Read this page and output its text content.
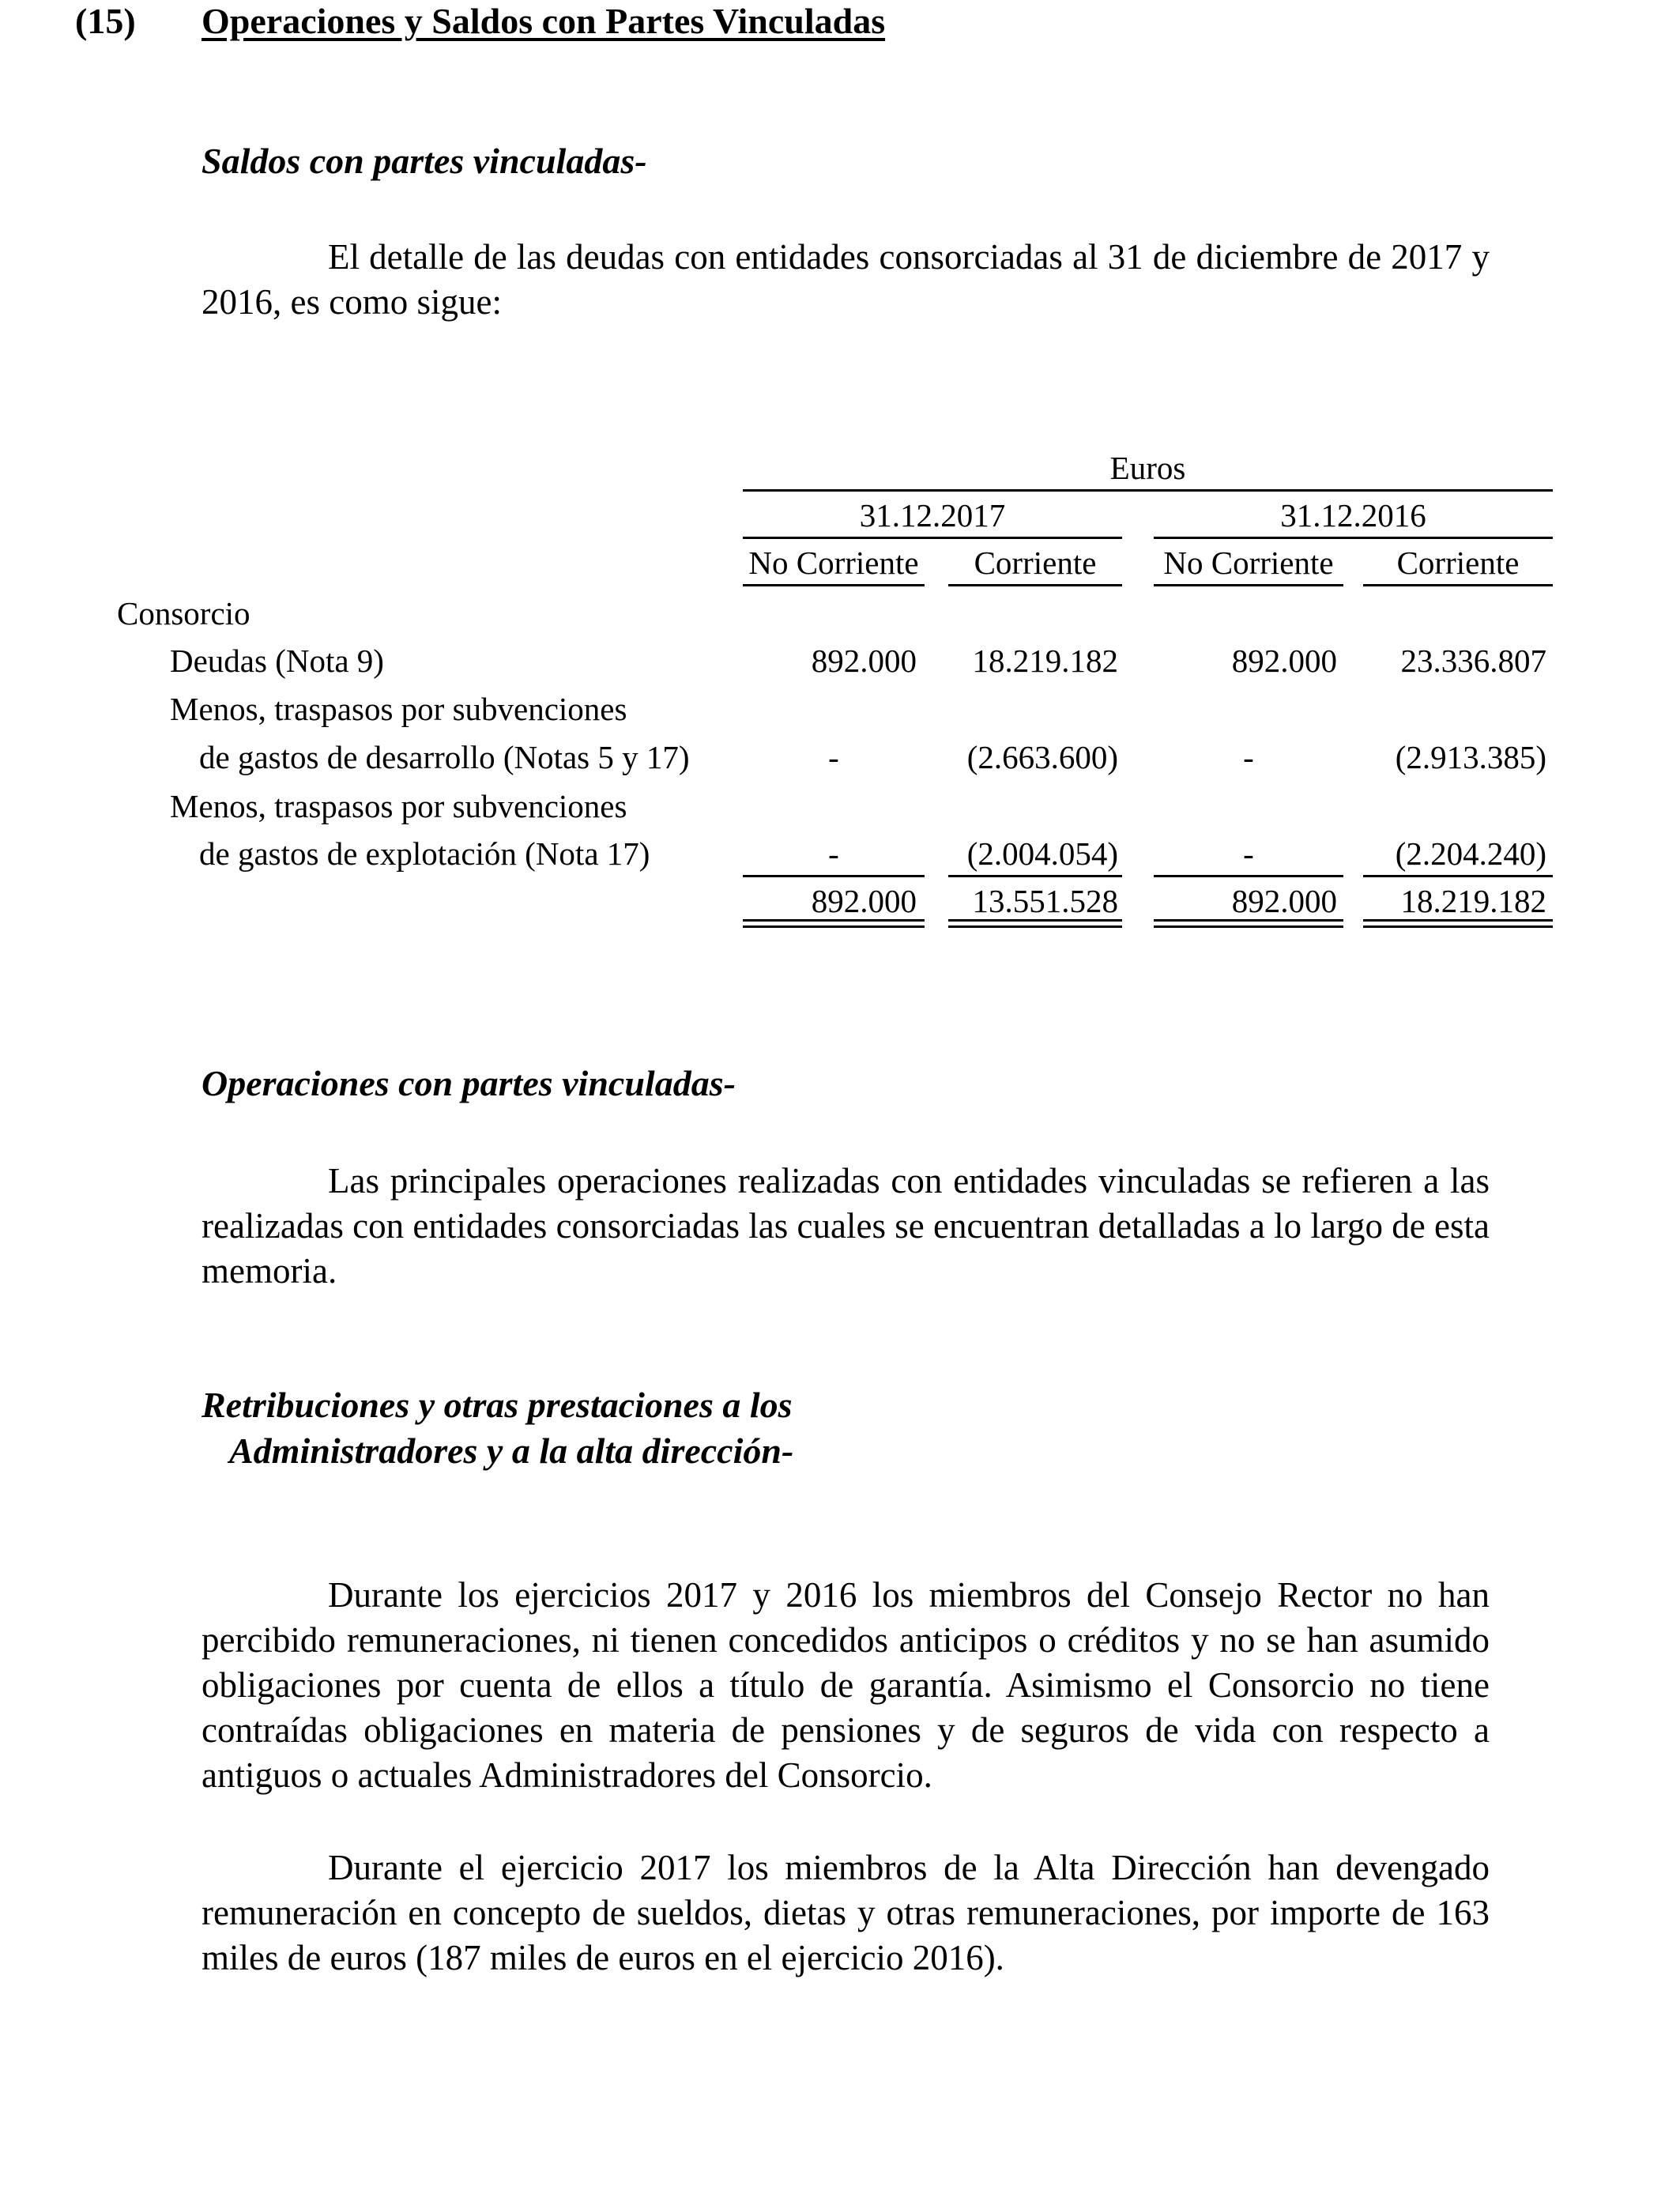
(15) Operaciones y Saldos con Partes Vinculadas
Saldos con partes vinculadas-
El detalle de las deudas con entidades consorciadas al 31 de diciembre de 2017 y 2016, es como sigue:
Euros
31.12.2017	31.12.2016
No Corriente	Corriente	No Corriente	Corriente
Consorcio
Deudas (Nota 9)	892.000	18.219.182	892.000	23.336.807
Menos, traspasos por subvenciones
de gastos de desarrollo (Notas 5 y 17)	-	(2.663.600)	-	(2.913.385)
Menos, traspasos por subvenciones
de gastos de explotación (Nota 17)	-	(2.004.054)	-	(2.204.240)
892.000	13.551.528	892.000	18.219.182
Operaciones con partes vinculadas-
Las principales operaciones realizadas con entidades vinculadas se refieren a las realizadas con entidades consorciadas las cuales se encuentran detalladas a lo largo de esta memoria.
Retribuciones y otras prestaciones a los
Administradores y a la alta dirección-
Durante los ejercicios 2017 y 2016 los miembros del Consejo Rector no han percibido remuneraciones, ni tienen concedidos anticipos o créditos y no se han asumido obligaciones por cuenta de ellos a título de garantía. Asimismo el Consorcio no tiene contraídas obligaciones en materia de pensiones y de seguros de vida con respecto a antiguos o actuales Administradores del Consorcio.
Durante el ejercicio 2017 los miembros de la Alta Dirección han devengado remuneración en concepto de sueldos, dietas y otras remuneraciones, por importe de 163 miles de euros (187 miles de euros en el ejercicio 2016).
